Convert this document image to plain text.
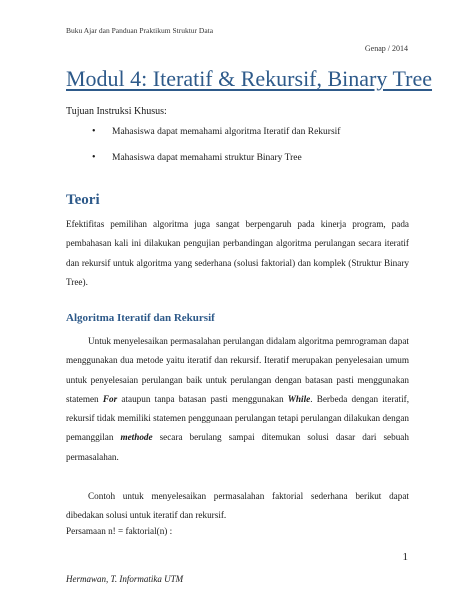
Buku Ajar dan Panduan Praktikum Struktur Data
Genap / 2014
Modul 4: Iteratif & Rekursif, Binary Tree
Tujuan Instruksi Khusus:
• Mahasiswa dapat memahami algoritma Iteratif dan Rekursif
• Mahasiswa dapat memahami struktur Binary Tree
Teori
Efektifitas pemilihan algoritma juga sangat berpengaruh pada kinerja program, pada pembahasan kali ini dilakukan pengujian perbandingan algoritma perulangan secara iteratif dan rekursif untuk algoritma yang sederhana (solusi faktorial) dan komplek (Struktur Binary Tree).
Algoritma Iteratif dan Rekursif
Untuk menyelesaikan permasalahan perulangan didalam algoritma pemrograman dapat menggunakan dua metode yaitu iteratif dan rekursif. Iteratif merupakan penyelesaian umum untuk penyelesaian perulangan baik untuk perulangan dengan batasan pasti menggunakan statemen For ataupun tanpa batasan pasti menggunakan While. Berbeda dengan iteratif, rekursif tidak memiliki statemen penggunaan perulangan tetapi perulangan dilakukan dengan pemanggilan methode secara berulang sampai ditemukan solusi dasar dari sebuah permasalahan.
Contoh untuk menyelesaikan permasalahan faktorial sederhana berikut dapat dibedakan solusi untuk iteratif dan rekursif.
Persamaan n! = faktorial(n) :
1
Hermawan, T. Informatika UTM
